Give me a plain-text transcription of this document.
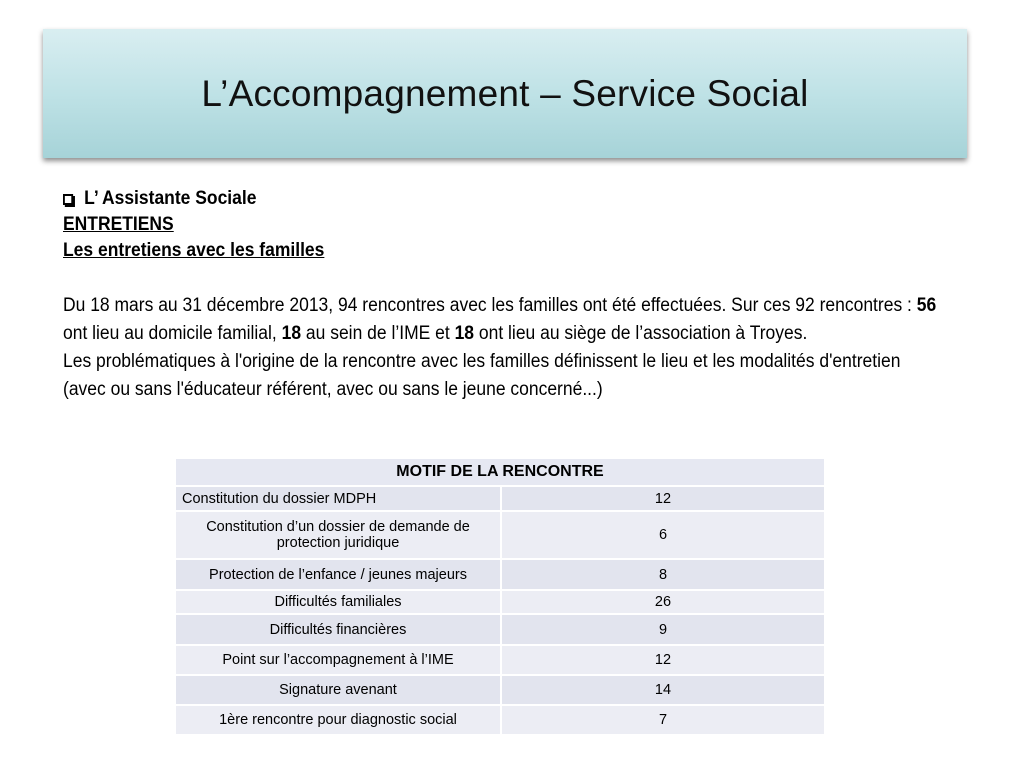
L’Accompagnement – Service Social
L’ Assistante Sociale
ENTRETIENS
Les entretiens avec les familles
Du 18 mars au 31 décembre 2013, 94 rencontres avec les familles ont été effectuées. Sur ces 92 rencontres : 56 ont lieu au domicile familial, 18 au sein de l’IME et 18 ont lieu au siège de l’association à Troyes.
Les problématiques à l'origine de la rencontre avec les familles définissent le lieu et les modalités d'entretien (avec ou sans l'éducateur référent, avec ou sans le jeune concerné...)
MOTIF DE LA RENCONTRE	
Constitution du dossier MDPH	12
Constitution d’un dossier de demande de protection juridique	6
Protection de l’enfance / jeunes majeurs	8
Difficultés familiales	26
Difficultés financières	9
Point sur l’accompagnement à l’IME	12
Signature avenant	14
1ère rencontre pour diagnostic social	7
